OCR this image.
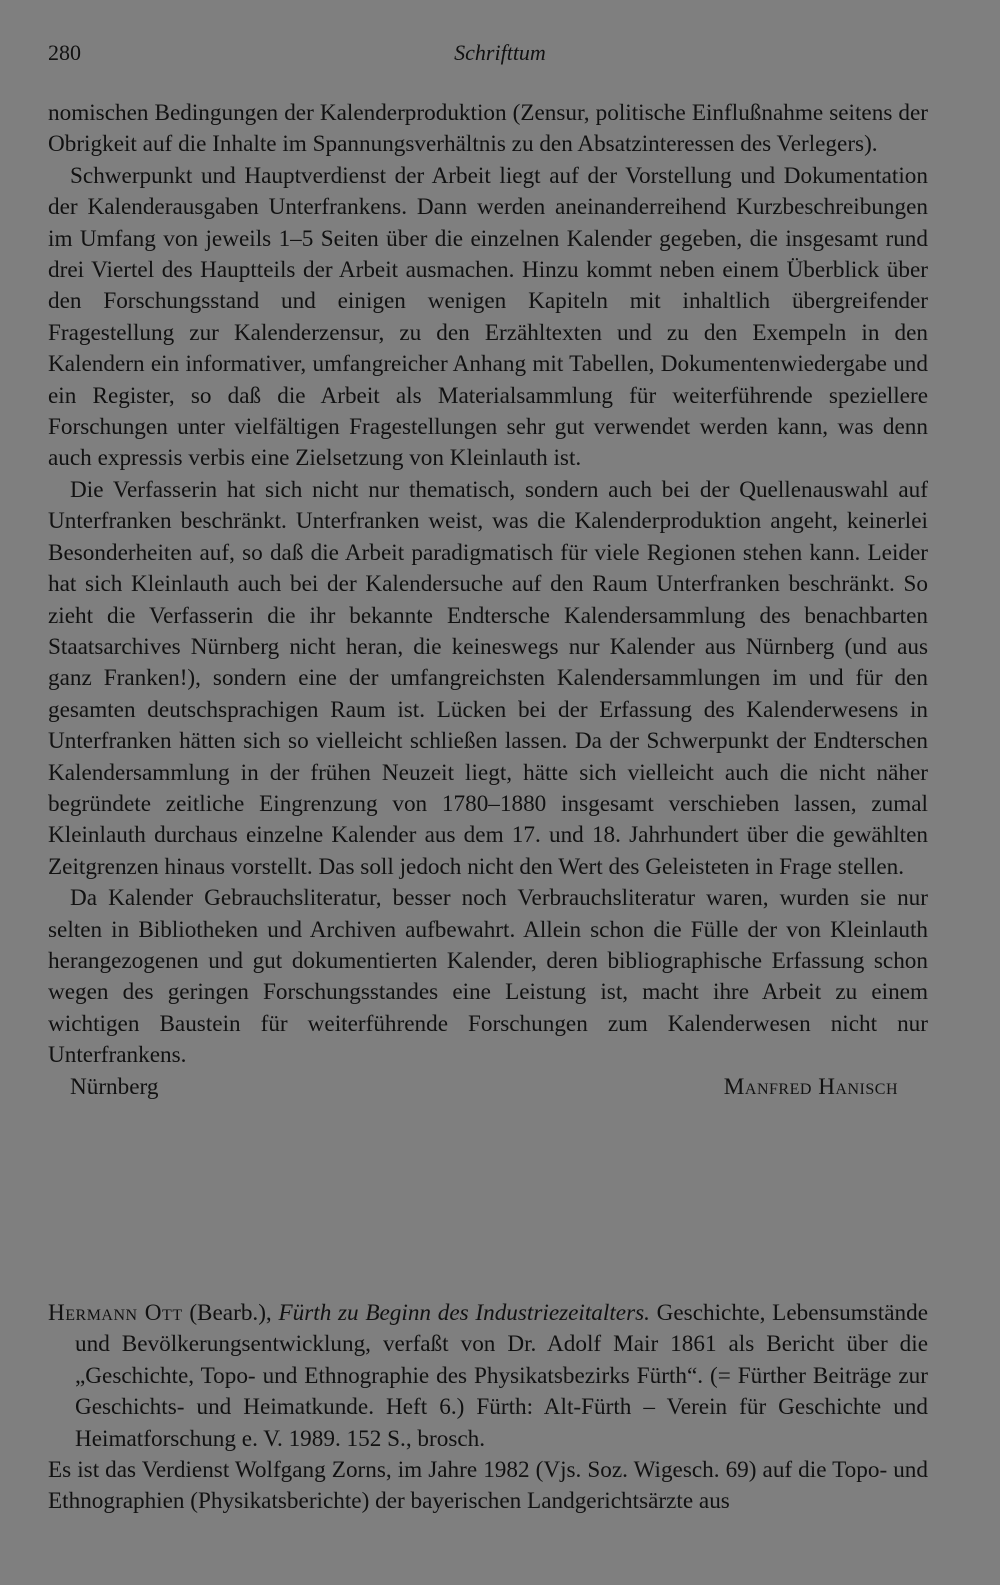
280	Schrifttum

nomischen Bedingungen der Kalenderproduktion (Zensur, politische Einflußnahme seitens der Obrigkeit auf die Inhalte im Spannungsverhältnis zu den Absatzinteressen des Verlegers).

Schwerpunkt und Hauptverdienst der Arbeit liegt auf der Vorstellung und Dokumentation der Kalenderausgaben Unterfrankens. Dann werden aneinanderreihend Kurzbeschreibungen im Umfang von jeweils 1–5 Seiten über die einzelnen Kalender gegeben, die insgesamt rund drei Viertel des Hauptteils der Arbeit ausmachen. Hinzu kommt neben einem Überblick über den Forschungsstand und einigen wenigen Kapiteln mit inhaltlich übergreifender Fragestellung zur Kalenderzensur, zu den Erzähltexten und zu den Exempeln in den Kalendern ein informativer, umfangreicher Anhang mit Tabellen, Dokumentenwiedergabe und ein Register, so daß die Arbeit als Materialsammlung für weiterführende speziellere Forschungen unter vielfältigen Fragestellungen sehr gut verwendet werden kann, was denn auch expressis verbis eine Zielsetzung von Kleinlauth ist.

Die Verfasserin hat sich nicht nur thematisch, sondern auch bei der Quellenauswahl auf Unterfranken beschränkt. Unterfranken weist, was die Kalenderproduktion angeht, keinerlei Besonderheiten auf, so daß die Arbeit paradigmatisch für viele Regionen stehen kann. Leider hat sich Kleinlauth auch bei der Kalendersuche auf den Raum Unterfranken beschränkt. So zieht die Verfasserin die ihr bekannte Endtersche Kalendersammlung des benachbarten Staatsarchives Nürnberg nicht heran, die keineswegs nur Kalender aus Nürnberg (und aus ganz Franken!), sondern eine der umfangreichsten Kalendersammlungen im und für den gesamten deutschsprachigen Raum ist. Lücken bei der Erfassung des Kalenderwesens in Unterfranken hätten sich so vielleicht schließen lassen. Da der Schwerpunkt der Endterschen Kalendersammlung in der frühen Neuzeit liegt, hätte sich vielleicht auch die nicht näher begründete zeitliche Eingrenzung von 1780–1880 insgesamt verschieben lassen, zumal Kleinlauth durchaus einzelne Kalender aus dem 17. und 18. Jahrhundert über die gewählten Zeitgrenzen hinaus vorstellt. Das soll jedoch nicht den Wert des Geleisteten in Frage stellen.

Da Kalender Gebrauchsliteratur, besser noch Verbrauchsliteratur waren, wurden sie nur selten in Bibliotheken und Archiven aufbewahrt. Allein schon die Fülle der von Kleinlauth herangezogenen und gut dokumentierten Kalender, deren bibliographische Erfassung schon wegen des geringen Forschungsstandes eine Leistung ist, macht ihre Arbeit zu einem wichtigen Baustein für weiterführende Forschungen zum Kalenderwesen nicht nur Unterfrankens.

Nürnberg	Manfred Hanisch

Hermann Ott (Bearb.), Fürth zu Beginn des Industriezeitalters. Geschichte, Lebensumstände und Bevölkerungsentwicklung, verfaßt von Dr. Adolf Mair 1861 als Bericht über die „Geschichte, Topo- und Ethnographie des Physikatsbezirks Fürth“. (= Fürther Beiträge zur Geschichts- und Heimatkunde. Heft 6.) Fürth: Alt-Fürth – Verein für Geschichte und Heimatforschung e. V. 1989. 152 S., brosch.

Es ist das Verdienst Wolfgang Zorns, im Jahre 1982 (Vjs. Soz. Wigesch. 69) auf die Topo- und Ethnographien (Physikatsberichte) der bayerischen Landgerichtsärzte aus
